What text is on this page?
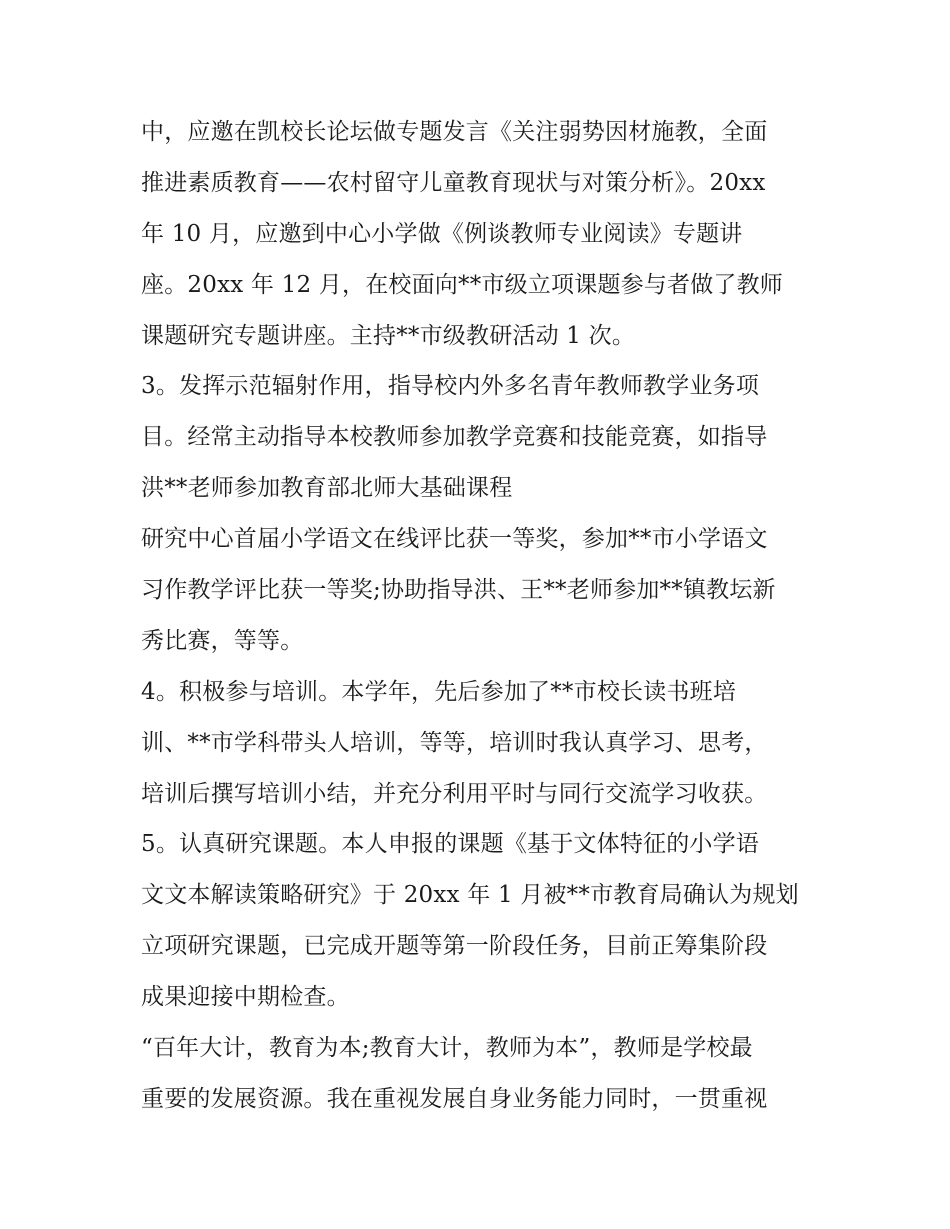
中，应邀在凯校长论坛做专题发言《关注弱势因材施教，全面
推进素质教育——农村留守儿童教育现状与对策分析》。20xx
年 10 月，应邀到中心小学做《例谈教师专业阅读》专题讲
座。20xx 年 12 月，在校面向**市级立项课题参与者做了教师
课题研究专题讲座。主持**市级教研活动 1 次。
3。发挥示范辐射作用，指导校内外多名青年教师教学业务项
目。经常主动指导本校教师参加教学竞赛和技能竞赛，如指导
洪**老师参加教育部北师大基础课程
研究中心首届小学语文在线评比获一等奖，参加**市小学语文
习作教学评比获一等奖;协助指导洪、王**老师参加**镇教坛新
秀比赛，等等。
4。积极参与培训。本学年，先后参加了**市校长读书班培
训、**市学科带头人培训，等等，培训时我认真学习、思考，
培训后撰写培训小结，并充分利用平时与同行交流学习收获。
5。认真研究课题。本人申报的课题《基于文体特征的小学语
文文本解读策略研究》于 20xx 年 1 月被**市教育局确认为规划
立项研究课题，已完成开题等第一阶段任务，目前正筹集阶段
成果迎接中期检查。
“百年大计，教育为本;教育大计，教师为本”，教师是学校最
重要的发展资源。我在重视发展自身业务能力同时，一贯重视
